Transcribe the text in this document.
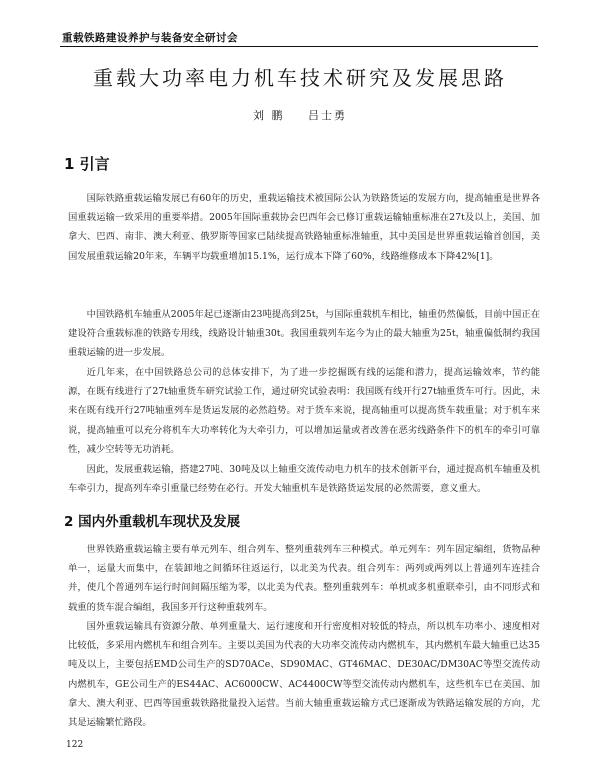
重载铁路建设养护与装备安全研讨会
重载大功率电力机车技术研究及发展思路
刘 鹏 吕士勇
1 引言

国际铁路重载运输发展已有60年的历史，重载运输技术被国际公认为铁路货运的发展方向，提高轴重是世界各国重载运输一致采用的重要举措。2005年国际重载协会巴西年会已修订重载运输轴重标准在27t及以上，美国、加拿大、巴西、南非、澳大利亚、俄罗斯等国家已陆续提高铁路轴重标准轴重，其中美国是世界重载运输首创国，美国发展重载运输20年来，车辆平均载重增加15.1%，运行成本下降了60%，线路维修成本下降42%[1]。

中国铁路机车轴重从2005年起已逐渐由23吨提高到25t，与国际重载机车相比，轴重仍然偏低，目前中国正在建设符合重载标准的铁路专用线，线路设计轴重30t。我国重载列车迄今为止的最大轴重为25t，轴重偏低制约我国重载运输的进一步发展。

近几年来，在中国铁路总公司的总体安排下，为了进一步挖掘既有线的运能和潜力，提高运输效率，节约能源，在既有线进行了27t轴重货车研究试验工作，通过研究试验表明：我国既有线开行27t轴重货车可行。因此，未来在既有线开行27吨轴重列车是货运发展的必然趋势。对于货车来说，提高轴重可以提高货车载重量；对于机车来说，提高轴重可以充分将机车大功率转化为大牵引力，可以增加运量或者改善在恶劣线路条件下的机车的牵引可靠性，减少空转等无功消耗。

因此，发展重载运输，搭建27吨、30吨及以上轴重交流传动电力机车的技术创新平台，通过提高机车轴重及机车牵引力，提高列车牵引重量已经势在必行。开发大轴重机车是铁路货运发展的必然需要，意义重大。

2 国内外重载机车现状及发展

世界铁路重载运输主要有单元列车、组合列车、整列重载列车三种模式。单元列车：列车固定编组，货物品种单一，运量大而集中，在装卸地之间循环往返运行，以北美为代表。组合列车：两列或两列以上普通列车连挂合并，使几个普通列车运行时间间隔压缩为零，以北美为代表。整列重载列车：单机或多机重联牵引，由不同形式和载重的货车混合编组，我国多开行这种重载列车。

国外重载运输具有资源分散、单列重量大、运行速度和开行密度相对较低的特点，所以机车功率小、速度相对比较低，多采用内燃机车和组合列车。主要以美国为代表的大功率交流传动内燃机车，其内燃机车最大轴重已达35吨及以上，主要包括EMD公司生产的SD70ACe、SD90MAC、GT46MAC、DE30AC/DM30AC等型交流传动内燃机车，GE公司生产的ES44AC、AC6000CW、AC4400CW等型交流传动内燃机车，这些机车已在美国、加拿大、澳大利亚、巴西等国重载铁路批量投入运营。当前大轴重重载运输方式已逐渐成为铁路运输发展的方向，尤其是运输繁忙路段。

122
